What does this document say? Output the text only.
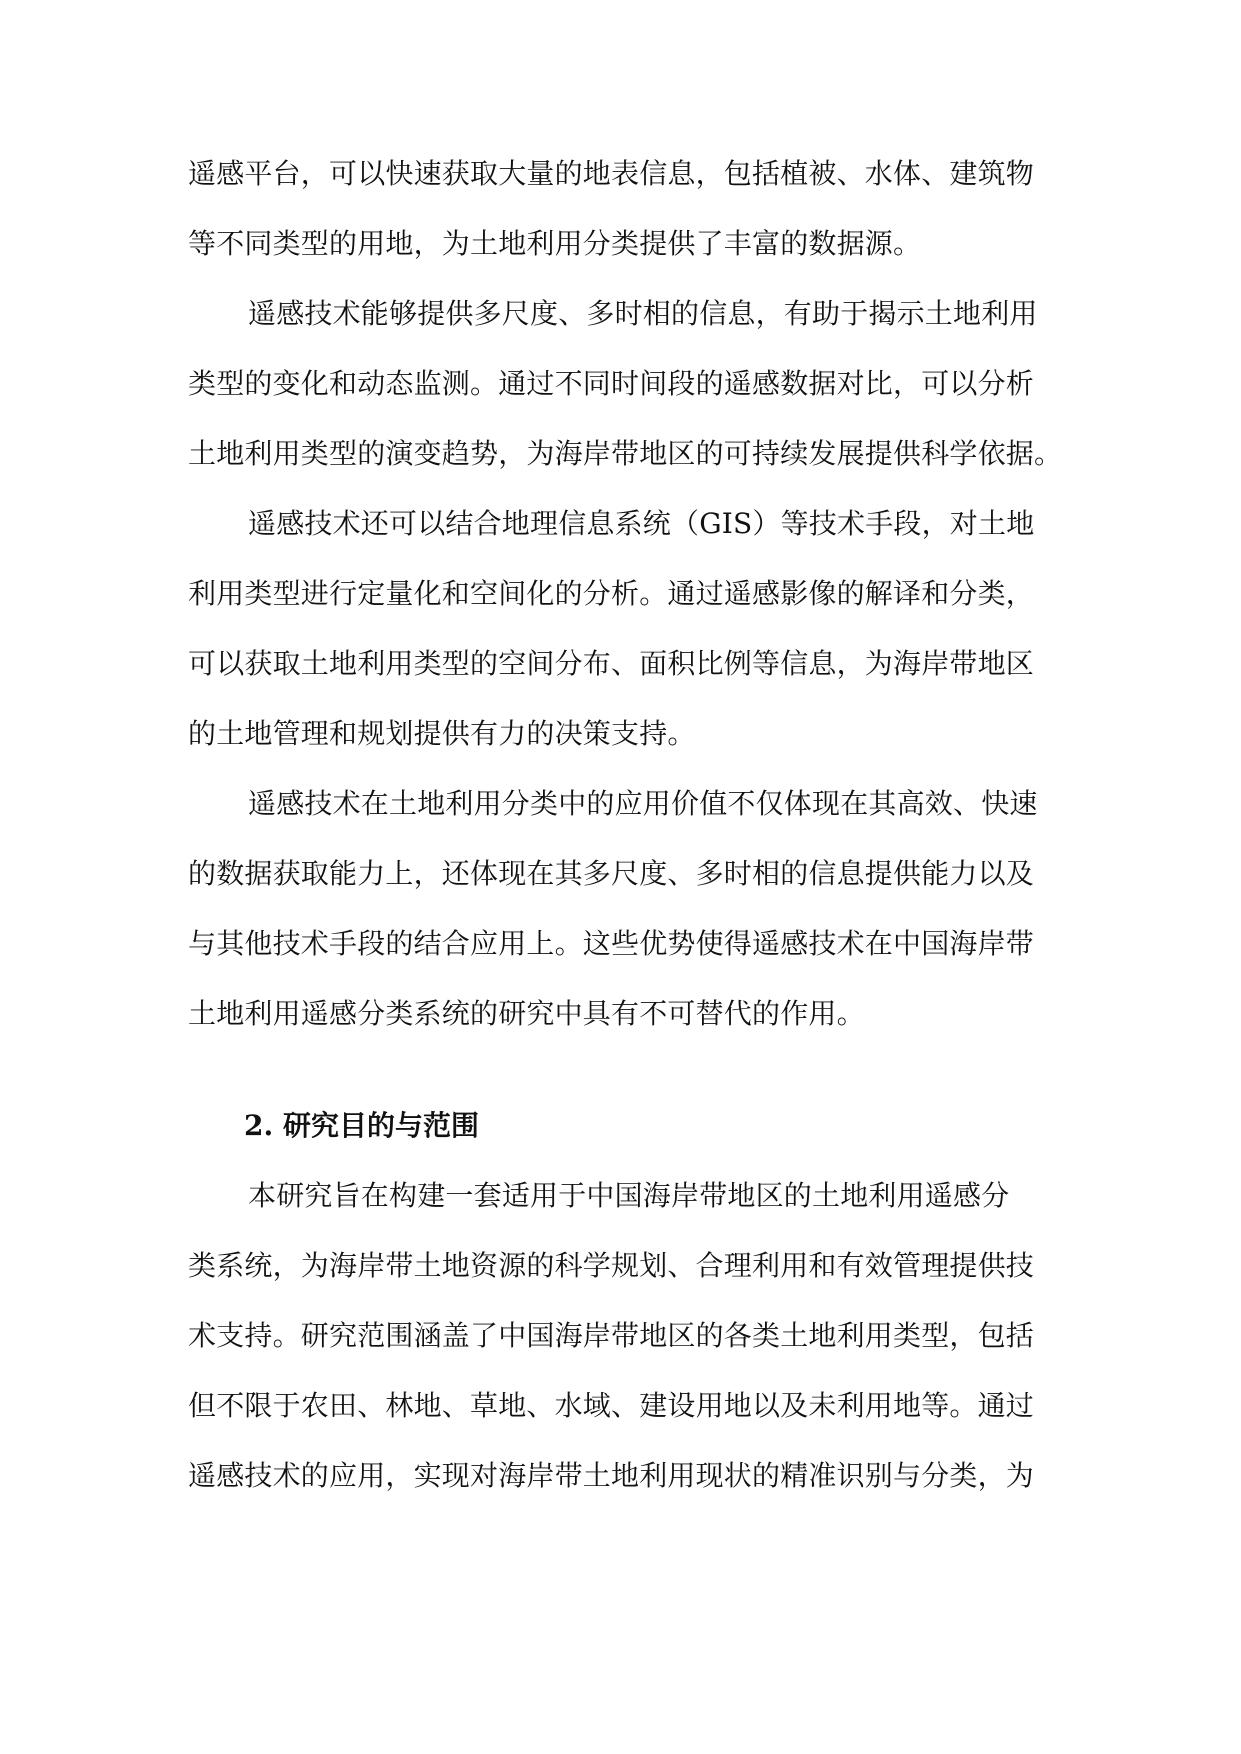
遥感平台，可以快速获取大量的地表信息，包括植被、水体、建筑物
等不同类型的用地，为土地利用分类提供了丰富的数据源。
遥感技术能够提供多尺度、多时相的信息，有助于揭示土地利用
类型的变化和动态监测。通过不同时间段的遥感数据对比，可以分析
土地利用类型的演变趋势，为海岸带地区的可持续发展提供科学依据。
遥感技术还可以结合地理信息系统（GIS）等技术手段，对土地
利用类型进行定量化和空间化的分析。通过遥感影像的解译和分类，
可以获取土地利用类型的空间分布、面积比例等信息，为海岸带地区
的土地管理和规划提供有力的决策支持。
遥感技术在土地利用分类中的应用价值不仅体现在其高效、快速
的数据获取能力上，还体现在其多尺度、多时相的信息提供能力以及
与其他技术手段的结合应用上。这些优势使得遥感技术在中国海岸带
土地利用遥感分类系统的研究中具有不可替代的作用。
2. 研究目的与范围
本研究旨在构建一套适用于中国海岸带地区的土地利用遥感分
类系统，为海岸带土地资源的科学规划、合理利用和有效管理提供技
术支持。研究范围涵盖了中国海岸带地区的各类土地利用类型，包括
但不限于农田、林地、草地、水域、建设用地以及未利用地等。通过
遥感技术的应用，实现对海岸带土地利用现状的精准识别与分类，为
